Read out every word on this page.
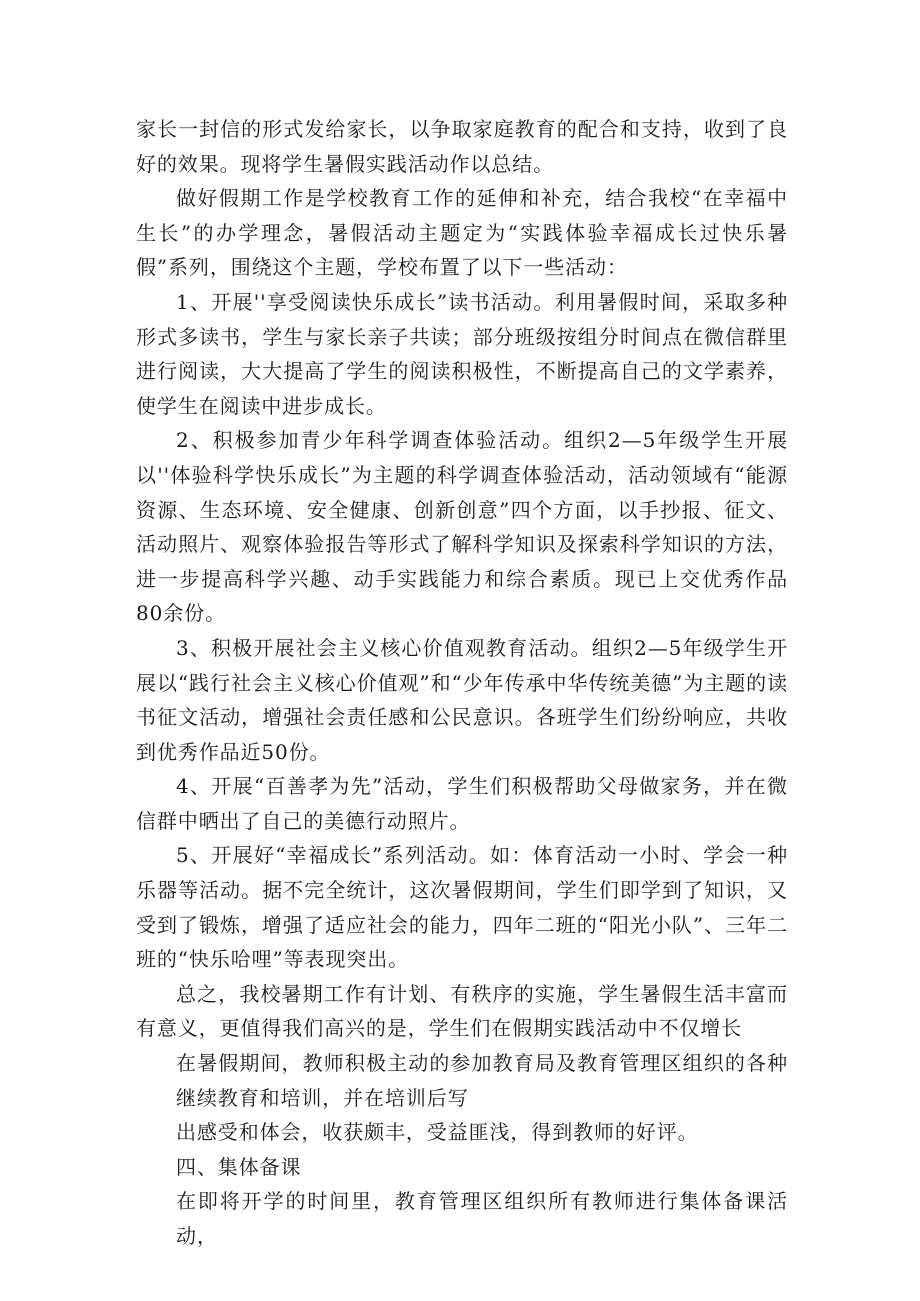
家长一封信的形式发给家长，以争取家庭教育的配合和支持，收到了良好的效果。现将学生暑假实践活动作以总结。

做好假期工作是学校教育工作的延伸和补充，结合我校“在幸福中生长”的办学理念，暑假活动主题定为“实践体验幸福成长过快乐暑假”系列，围绕这个主题，学校布置了以下一些活动：

1、开展''享受阅读快乐成长”读书活动。利用暑假时间，采取多种形式多读书，学生与家长亲子共读；部分班级按组分时间点在微信群里进行阅读，大大提高了学生的阅读积极性，不断提高自己的文学素养，使学生在阅读中进步成长。

2、积极参加青少年科学调查体验活动。组织2—5年级学生开展以''体验科学快乐成长”为主题的科学调查体验活动，活动领域有“能源资源、生态环境、安全健康、创新创意”四个方面，以手抄报、征文、活动照片、观察体验报告等形式了解科学知识及探索科学知识的方法，进一步提高科学兴趣、动手实践能力和综合素质。现已上交优秀作品80余份。

3、积极开展社会主义核心价值观教育活动。组织2—5年级学生开展以“践行社会主义核心价值观”和“少年传承中华传统美德”为主题的读书征文活动，增强社会责任感和公民意识。各班学生们纷纷响应，共收到优秀作品近50份。

4、开展“百善孝为先”活动，学生们积极帮助父母做家务，并在微信群中晒出了自己的美德行动照片。

5、开展好“幸福成长”系列活动。如：体育活动一小时、学会一种乐器等活动。据不完全统计，这次暑假期间，学生们即学到了知识，又受到了锻炼，增强了适应社会的能力，四年二班的“阳光小队”、三年二班的“快乐哈哩”等表现突出。

总之，我校暑期工作有计划、有秩序的实施，学生暑假生活丰富而有意义，更值得我们高兴的是，学生们在假期实践活动中不仅增长

在暑假期间，教师积极主动的参加教育局及教育管理区组织的各种继续教育和培训，并在培训后写

出感受和体会，收获颇丰，受益匪浅，得到教师的好评。

四、集体备课

在即将开学的时间里，教育管理区组织所有教师进行集体备课活动，
